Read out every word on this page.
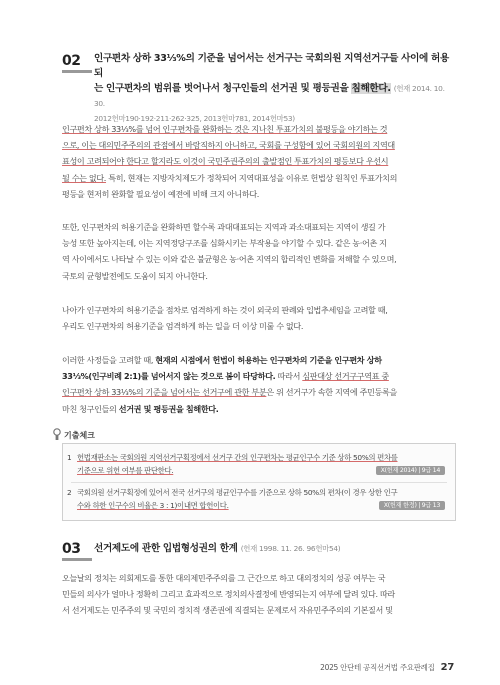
02 인구편차 상하 33⅓%의 기준을 넘어서는 선거구는 국회의원 지역선거구들 사이에 허용되
는 인구편차의 범위를 벗어나서 청구인들의 선거권 및 평등권을 침해한다. (헌재 2014. 10. 30.
2012헌마190·192·211·262·325, 2013헌마781, 2014헌마53)
인구편차 상하 33⅓%를 넘어 인구편차를 완화하는 것은 지나친 투표가치의 불평등을 야기하는 것
으로, 이는 대의민주주의의 관점에서 바람직하지 아니하고, 국회를 구성함에 있어 국회의원의 지역대
표성이 고려되어야 한다고 할지라도 이것이 국민주권주의의 출발점인 투표가치의 평등보다 우선시
될 수는 없다. 특히, 현재는 지방자치제도가 정착되어 지역대표성을 이유로 헌법상 원칙인 투표가치의
평등을 현저히 완화할 필요성이 예전에 비해 크지 아니하다.
또한, 인구편차의 허용기준을 완화하면 할수록 과대대표되는 지역과 과소대표되는 지역이 생길 가
능성 또한 높아지는데, 이는 지역정당구조를 심화시키는 부작용을 야기할 수 있다. 같은 농·어촌 지
역 사이에서도 나타날 수 있는 이와 같은 불균형은 농·어촌 지역의 합리적인 변화를 저해할 수 있으며,
국토의 균형발전에도 도움이 되지 아니한다.
나아가 인구편차의 허용기준을 점차로 엄격하게 하는 것이 외국의 판례와 입법추세임을 고려할 때,
우리도 인구편차의 허용기준을 엄격하게 하는 일을 더 이상 미룰 수 없다.
이러한 사정들을 고려할 때, 현재의 시점에서 헌법이 허용하는 인구편차의 기준을 인구편차 상하
33⅓%(인구비례 2:1)를 넘어서지 않는 것으로 봄이 타당하다. 따라서 심판대상 선거구구역표 중
인구편차 상하 33⅓%의 기준을 넘어서는 선거구에 관한 부분은 위 선거구가 속한 지역에 주민등록을
마친 청구인들의 선거권 및 평등권을 침해한다.
기출체크
1 헌법재판소는 국회의원 지역선거구획정에서 선거구 간의 인구편차는 평균인구수 기준 상하 50%의 편차를
기준으로 위헌 여부를 판단한다.	X(헌재 2014) | 9급 14
2 국회의원 선거구획정에 있어서 전국 선거구의 평균인구수를 기준으로 상하 50%의 편차(이 경우 상한 인구
수와 하한 인구수의 비율은 3 : 1)이내면 합헌이다.	X(헌재 한정) | 9급 13
03 선거제도에 관한 입법형성권의 한계 (헌재 1998. 11. 26. 96헌마54)
오늘날의 정치는 의회제도를 통한 대의제민주주의를 그 근간으로 하고 대의정치의 성공 여부는 국
민들의 의사가 얼마나 정확히 그리고 효과적으로 정치의사결정에 반영되는지 여부에 달려 있다. 따라
서 선거제도는 민주주의 및 국민의 정치적 생존권에 직결되는 문제로서 자유민주주의의 기본질서 및
2025 안단테 공직선거법 주요판례집 27
